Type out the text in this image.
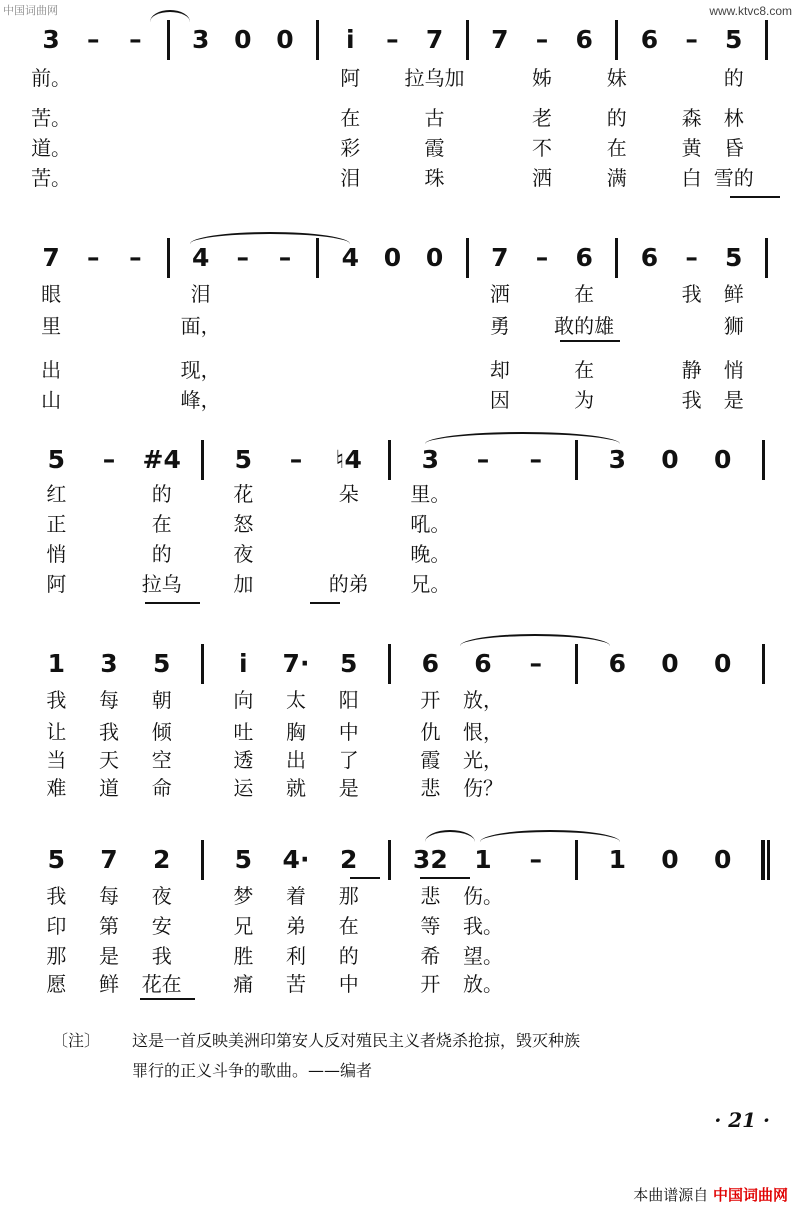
中国词曲网	www.ktvc8.com
3 – – 3 0 0 i – 7 7 – 6 6 – 5
前。	阿 拉乌加	姊	妹	的
苦。	在	古	老	的	森 林
道。	彩	霞	不	在	黄 昏
苦。	泪	珠	洒	满	白 雪的
7 – – 4 – – 4 0 0 7 – 6 6 – 5
眼	泪	洒	在	我 鲜
里	面，	勇 敢的雄	狮
出	现，	却	在	静 悄
山	峰，	因	为	我 是
5 – #4 5 – ♮4 3 – –	3 0 0
红	的	花	朵	里。
正	在	怒	吼。
悄	的	夜	晚。
阿	拉乌	加	的弟 兄。
1 3 5	i 7· 5	6 6 –	6 0 0
我 每 朝	向 太 阳	开 放，
让 我 倾	吐 胸 中	仇 恨，
当 天 空	透 出 了	霞 光，
难 道 命	运 就 是	悲 伤？
5 7 2	5 4· 2 32 1 –	1 0 0
我 每 夜	梦 着 那	悲 伤。
印 第 安	兄 弟 在	等 我。
那 是 我	胜 利 的	希 望。
愿 鲜 花在	痛 苦 中	开 放。
〔注〕 这是一首反映美洲印第安人反对殖民主义者烧杀抢掠，毁灭种族
罪行的正义斗争的歌曲。——编者
· 21 ·
本曲谱源自 中国词曲网
